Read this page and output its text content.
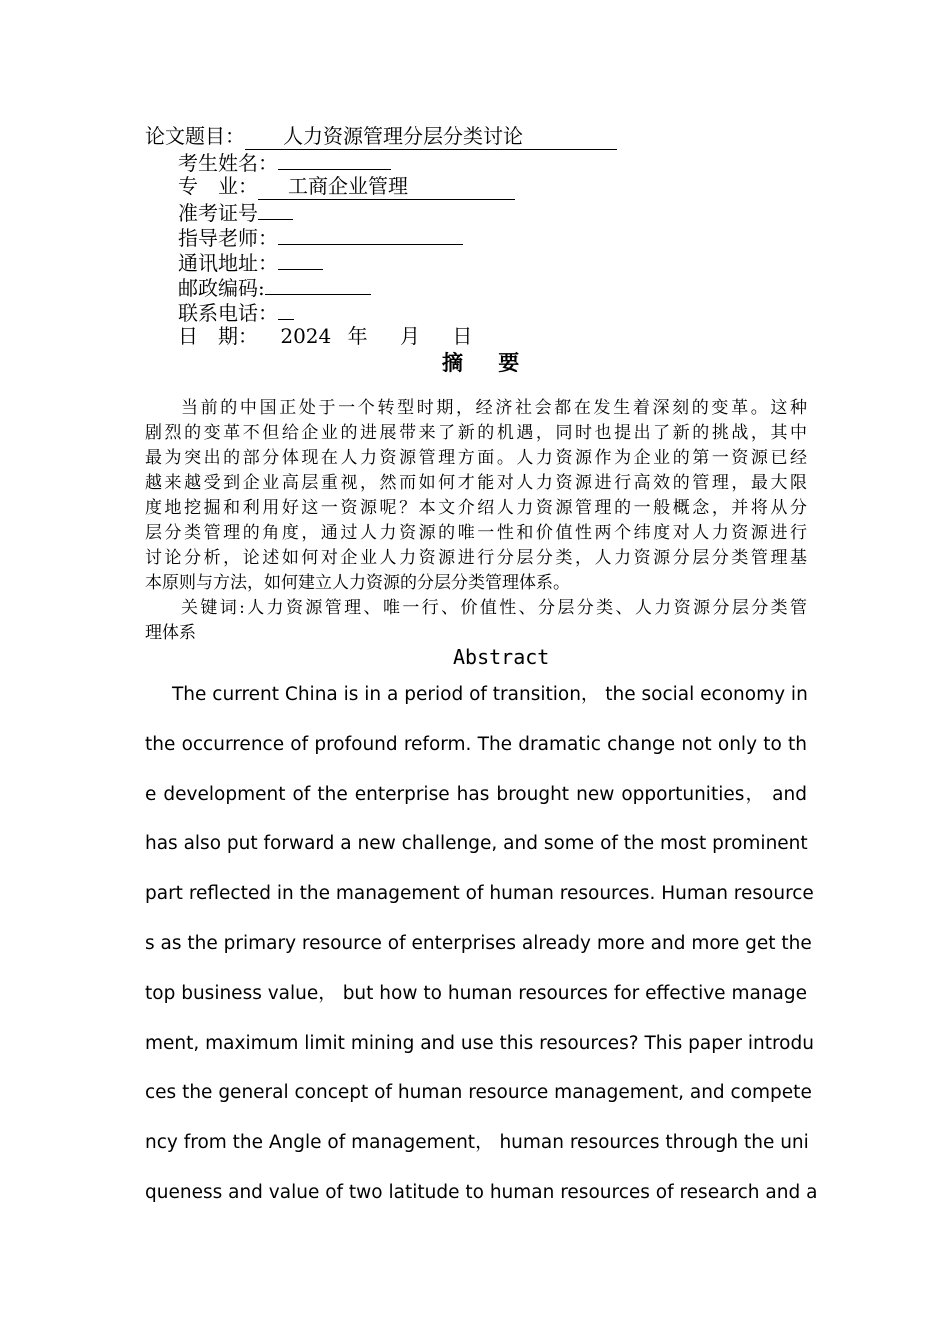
论文题目： 人力资源管理分层分类讨论
考生姓名：
专　业： 工商企业管理
准考证号
指导老师：
通讯地址：
邮政编码:
联系电话：
日　期： 2024 年 月 日
摘 要
当前的中国正处于一个转型时期，经济社会都在发生着深刻的变革。这种
剧烈的变革不但给企业的进展带来了新的机遇，同时也提出了新的挑战，其中
最为突出的部分体现在人力资源管理方面。人力资源作为企业的第一资源已经
越来越受到企业高层重视，然而如何才能对人力资源进行高效的管理，最大限
度地挖掘和利用好这一资源呢？本文介绍人力资源管理的一般概念，并将从分
层分类管理的角度，通过人力资源的唯一性和价值性两个纬度对人力资源进行
讨论分析，论述如何对企业人力资源进行分层分类，人力资源分层分类管理基
本原则与方法，如何建立人力资源的分层分类管理体系。
关键词:人力资源管理、唯一行、价值性、分层分类、人力资源分层分类管
理体系
Abstract
The current China is in a period of transition， the social economy in
the occurrence of profound reform. The dramatic change not only to th
e development of the enterprise has brought new opportunities， and
has also put forward a new challenge, and some of the most prominent
part reflected in the management of human resources. Human resource
s as the primary resource of enterprises already more and more get the
top business value， but how to human resources for effective manage
ment, maximum limit mining and use this resources? This paper introdu
ces the general concept of human resource management, and compete
ncy from the Angle of management， human resources through the uni
queness and value of two latitude to human resources of research and a
